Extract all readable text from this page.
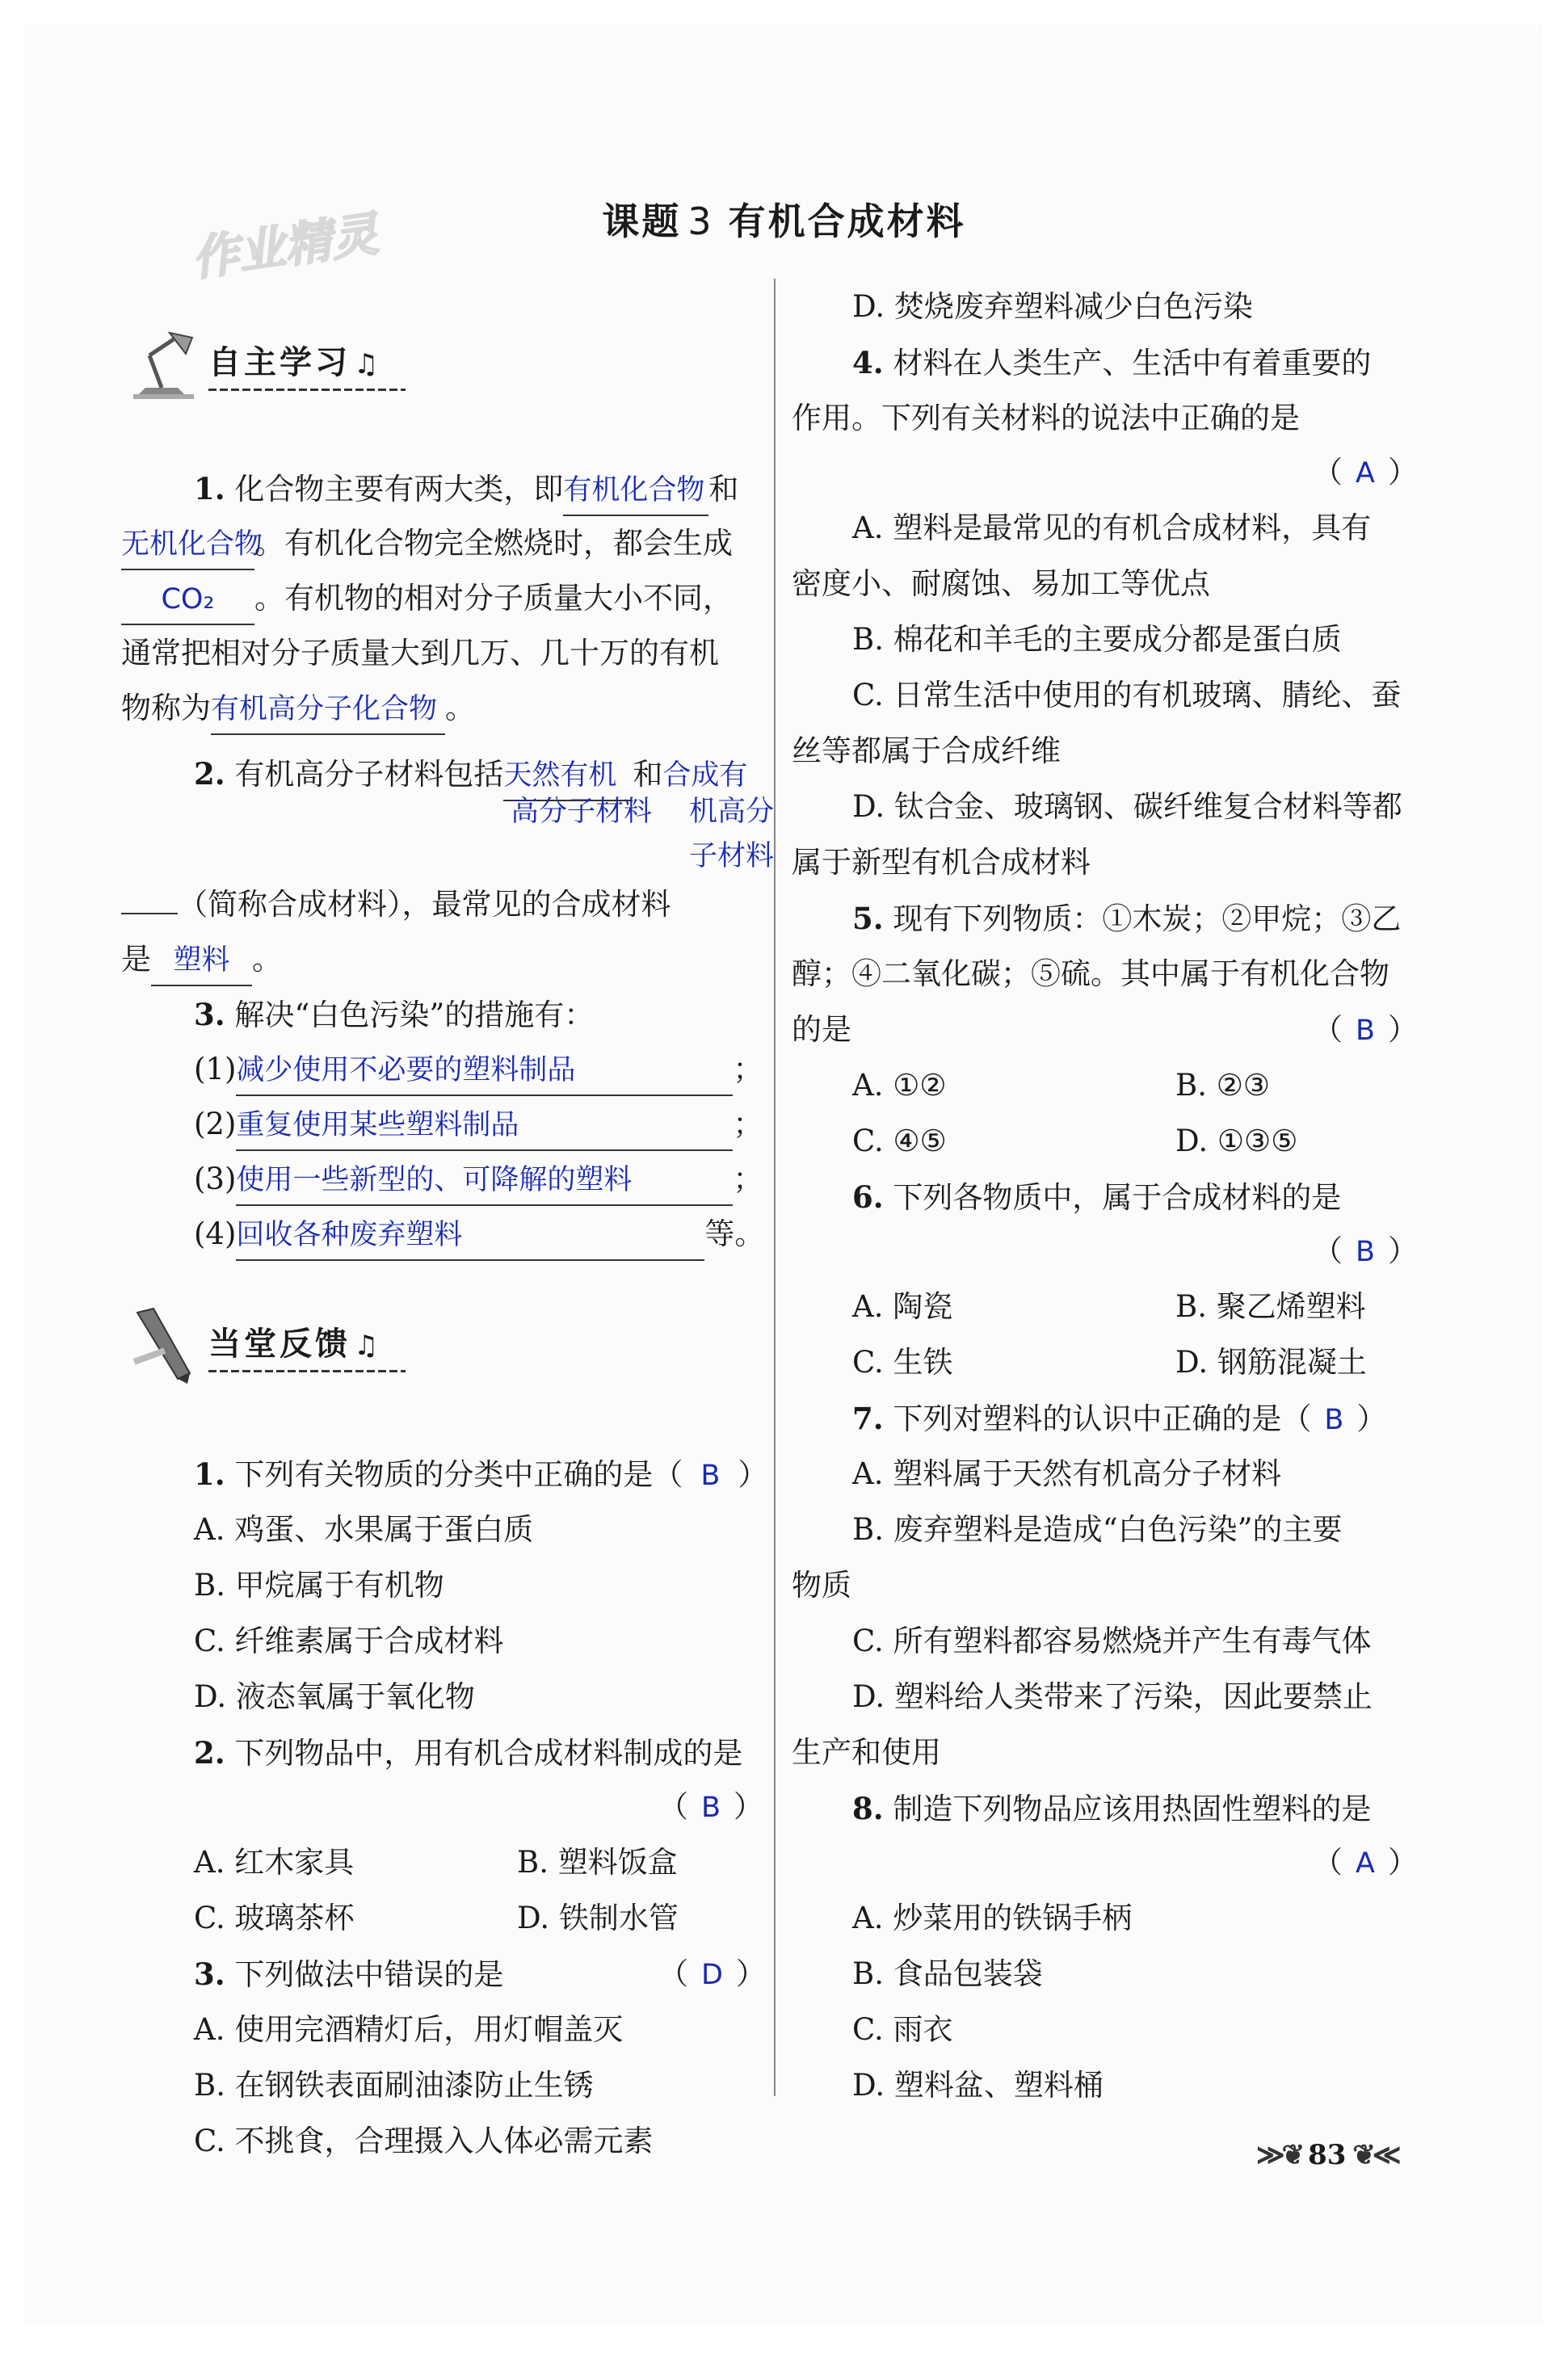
作业精灵	课题 3 有机合成材料
自主学习 ♫
1. 化合物主要有两大类，即有机化合物 和
无机化合物。有机化合物完全燃烧时，都会生成
CO₂ 。有机物的相对分子质量大小不同，
通常把相对分子质量大到几万、几十万的有机
物称为有机高分子化合物 。
2. 有机高分子材料包括天然有机 和合成有
高分子材料 机高分
子材料
（简称合成材料），最常见的合成材料
是 塑料 。
3. 解决“白色污染”的措施有：
(1)减少使用不必要的塑料制品	；
(2)重复使用某些塑料制品	；
(3)使用一些新型的、可降解的塑料	；
(4)回收各种废弃塑料	等。
当堂反馈 ♫
1. 下列有关物质的分类中正确的是（ B ）
A. 鸡蛋、水果属于蛋白质
B. 甲烷属于有机物
C. 纤维素属于合成材料
D. 液态氧属于氧化物
2. 下列物品中，用有机合成材料制成的是
（ B ）
A. 红木家具	B. 塑料饭盒
C. 玻璃茶杯	D. 铁制水管
3. 下列做法中错误的是	（ D ）
A. 使用完酒精灯后，用灯帽盖灭
B. 在钢铁表面刷油漆防止生锈
C. 不挑食，合理摄入人体必需元素
D. 焚烧废弃塑料减少白色污染
4. 材料在人类生产、生活中有着重要的
作用。下列有关材料的说法中正确的是
（ A ）
A. 塑料是最常见的有机合成材料，具有
密度小、耐腐蚀、易加工等优点
B. 棉花和羊毛的主要成分都是蛋白质
C. 日常生活中使用的有机玻璃、腈纶、蚕
丝等都属于合成纤维
D. 钛合金、玻璃钢、碳纤维复合材料等都
属于新型有机合成材料
5. 现有下列物质：①木炭；②甲烷；③乙
醇；④二氧化碳；⑤硫。其中属于有机化合物
的是	（ B ）
A. ①②	B. ②③
C. ④⑤	D. ①③⑤
6. 下列各物质中，属于合成材料的是
（ B ）
A. 陶瓷	B. 聚乙烯塑料
C. 生铁	D. 钢筋混凝土
7. 下列对塑料的认识中正确的是（ B ）
A. 塑料属于天然有机高分子材料
B. 废弃塑料是造成“白色污染”的主要
物质
C. 所有塑料都容易燃烧并产生有毒气体
D. 塑料给人类带来了污染，因此要禁止
生产和使用
8. 制造下列物品应该用热固性塑料的是
（ A ）
A. 炒菜用的铁锅手柄
B. 食品包装袋
C. 雨衣
D. 塑料盆、塑料桶
≫❦ 83 ❦≪
